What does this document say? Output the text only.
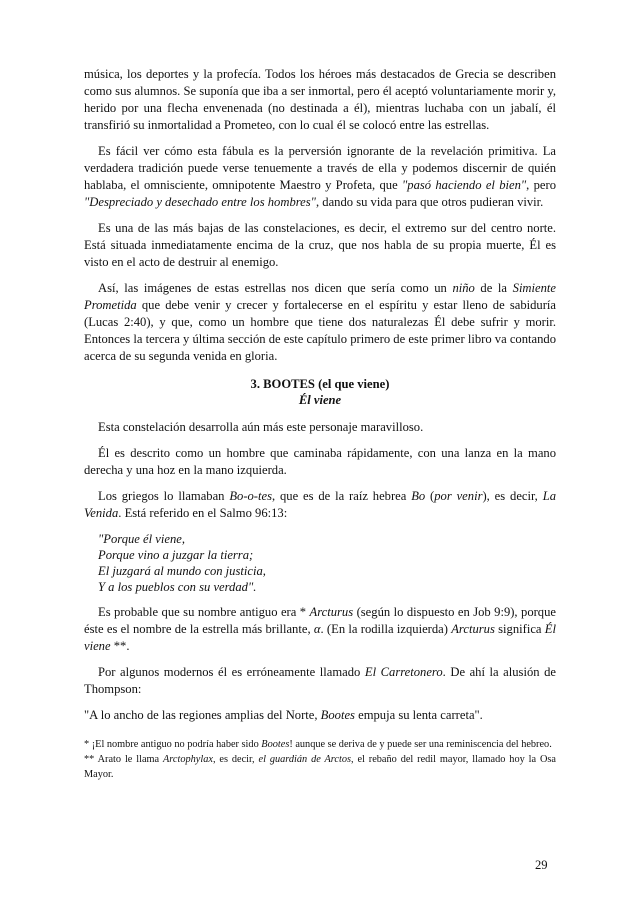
música, los deportes y la profecía. Todos los héroes más destacados de Grecia se describen como sus alumnos. Se suponía que iba a ser inmortal, pero él aceptó voluntariamente morir y, herido por una flecha envenenada (no destinada a él), mientras luchaba con un jabalí, él transfirió su inmortalidad a Prometeo, con lo cual él se colocó entre las estrellas.

Es fácil ver cómo esta fábula es la perversión ignorante de la revelación primitiva. La verdadera tradición puede verse tenuemente a través de ella y podemos discernir de quién hablaba, el omnisciente, omnipotente Maestro y Profeta, que "pasó haciendo el bien", pero "Despreciado y desechado entre los hombres", dando su vida para que otros pudieran vivir.

Es una de las más bajas de las constelaciones, es decir, el extremo sur del centro norte. Está situada inmediatamente encima de la cruz, que nos habla de su propia muerte, Él es visto en el acto de destruir al enemigo.

Así, las imágenes de estas estrellas nos dicen que sería como un niño de la Simiente Prometida que debe venir y crecer y fortalecerse en el espíritu y estar lleno de sabiduría (Lucas 2:40), y que, como un hombre que tiene dos naturalezas Él debe sufrir y morir. Entonces la tercera y última sección de este capítulo primero de este primer libro va contando acerca de su segunda venida en gloria.

3. BOOTES (el que viene)
Él viene

Esta constelación desarrolla aún más este personaje maravilloso.

Él es descrito como un hombre que caminaba rápidamente, con una lanza en la mano derecha y una hoz en la mano izquierda.

Los griegos lo llamaban Bo-o-tes, que es de la raíz hebrea Bo (por venir), es decir, La Venida. Está referido en el Salmo 96:13:

"Porque él viene,
Porque vino a juzgar la tierra;
El juzgará al mundo con justicia,
Y a los pueblos con su verdad".

Es probable que su nombre antiguo era * Arcturus (según lo dispuesto en Job 9:9), porque éste es el nombre de la estrella más brillante, α. (En la rodilla izquierda) Arcturus significa Él viene **.

Por algunos modernos él es erróneamente llamado El Carretonero. De ahí la alusión de Thompson:

"A lo ancho de las regiones amplias del Norte, Bootes empuja su lenta carreta".

* ¡El nombre antiguo no podría haber sido Bootes! aunque se deriva de y puede ser una reminiscencia del hebreo.

** Arato le llama Arctophylax, es decir, el guardián de Arctos, el rebaño del redil mayor, llamado hoy la Osa Mayor.

29
